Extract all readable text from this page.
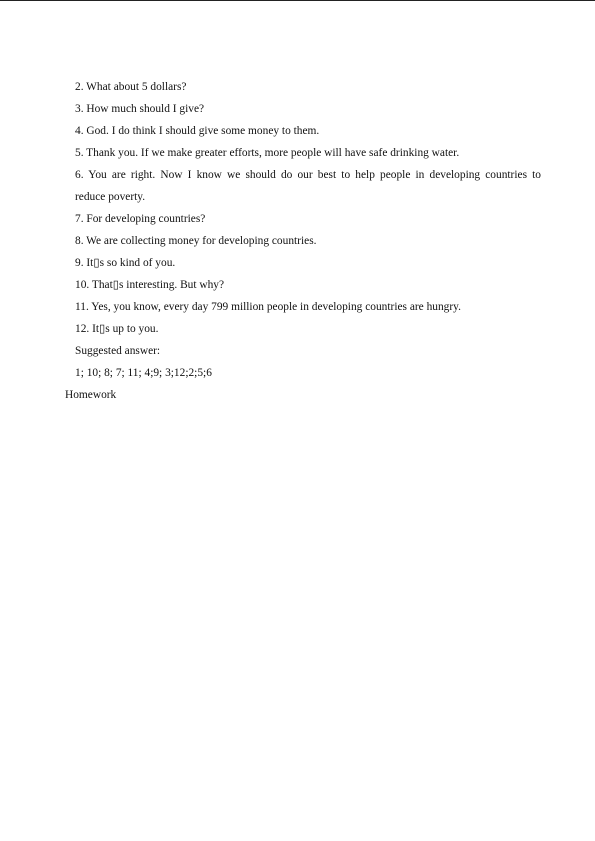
2. What about 5 dollars?
3. How much should I give?
4. God. I do think I should give some money to them.
5. Thank you. If we make greater efforts, more people will have safe drinking water.
6. You are right. Now I know we should do our best to help people in developing countries to
reduce poverty.
7. For developing countries?
8. We are collecting money for developing countries.
9. It▯s so kind of you.
10. That▯s interesting. But why?
11. Yes, you know, every day 799 million people in developing countries are hungry.
12. It▯s up to you.
Suggested answer:
1; 10; 8; 7; 11; 4;9; 3;12;2;5;6
Homework
